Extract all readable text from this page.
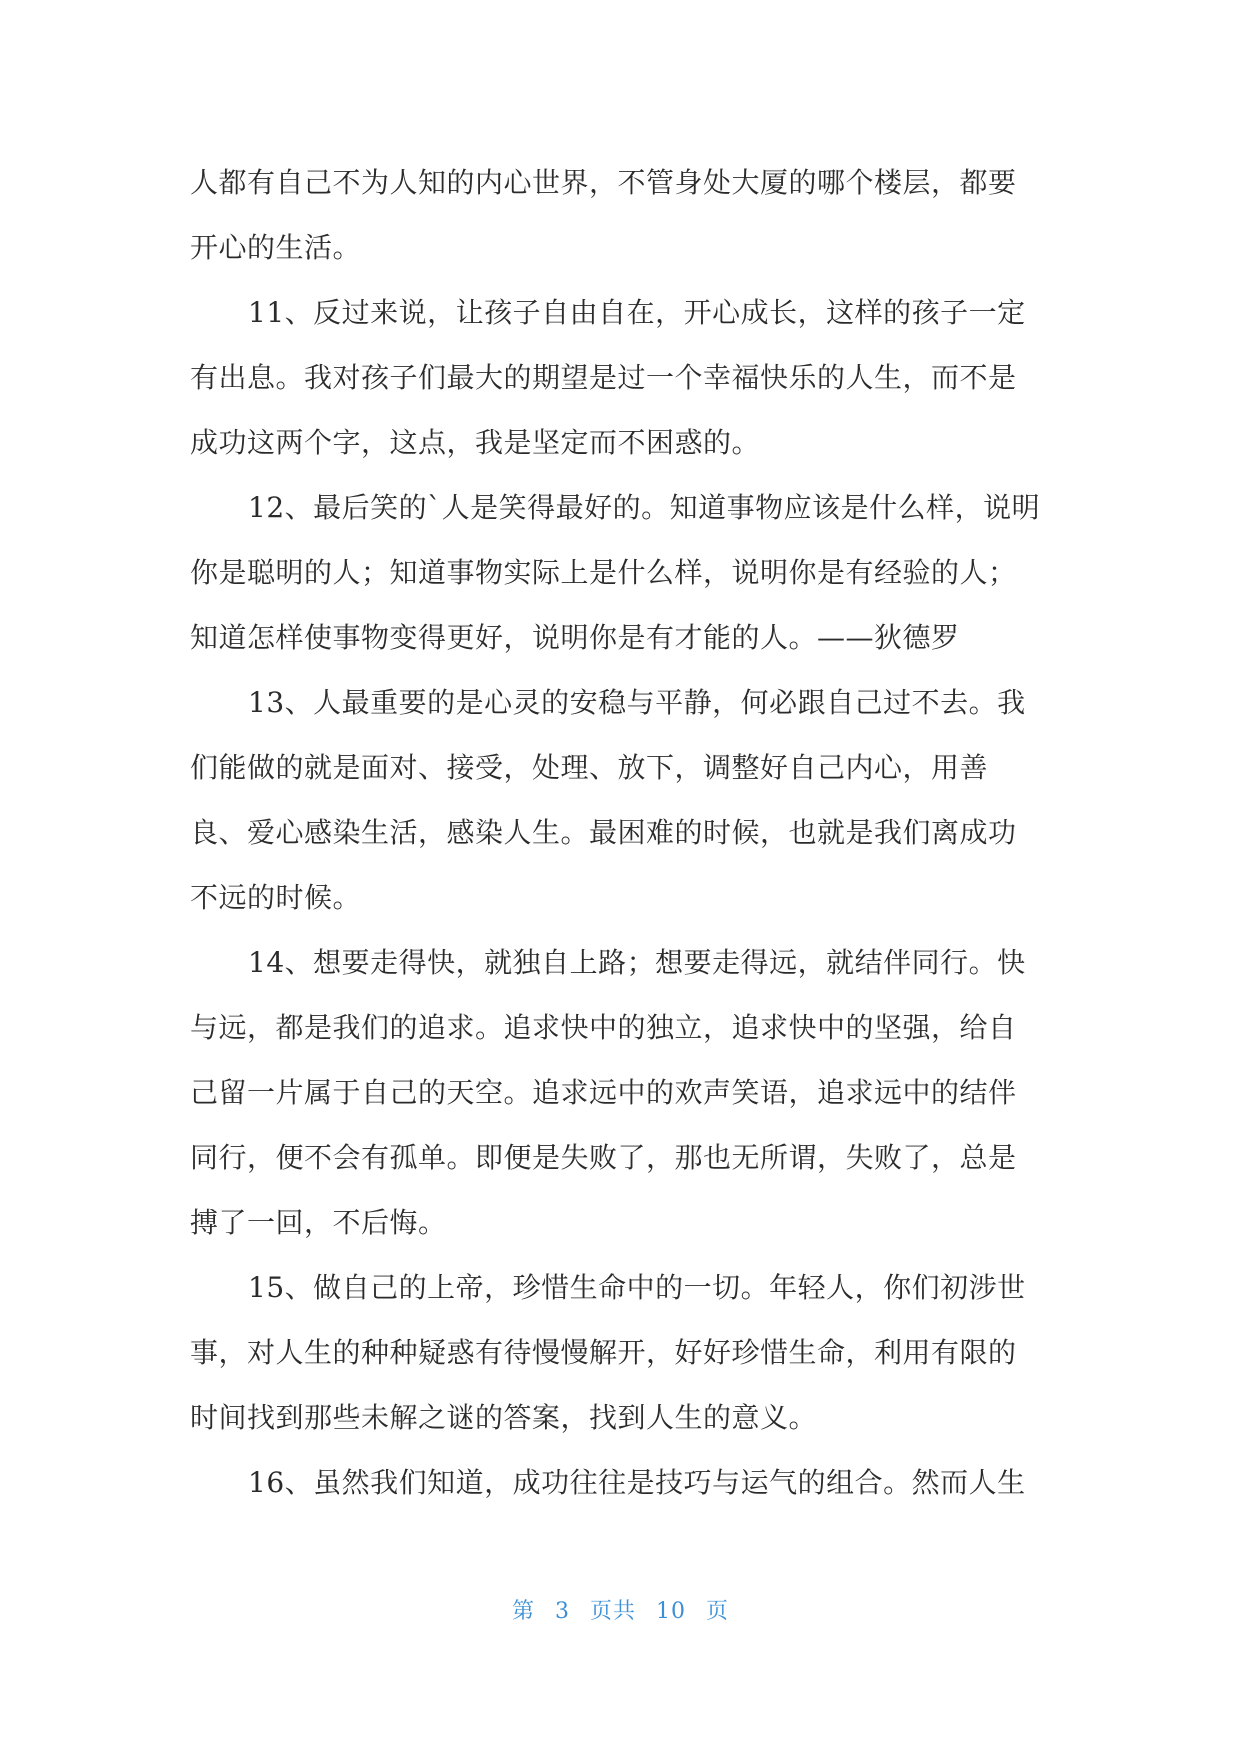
人都有自己不为人知的内心世界，不管身处大厦的哪个楼层，都要
开心的生活。
11、反过来说，让孩子自由自在，开心成长，这样的孩子一定
有出息。我对孩子们最大的期望是过一个幸福快乐的人生，而不是
成功这两个字，这点，我是坚定而不困惑的。
12、最后笑的`人是笑得最好的。知道事物应该是什么样，说明
你是聪明的人；知道事物实际上是什么样，说明你是有经验的人；
知道怎样使事物变得更好，说明你是有才能的人。——狄德罗
13、人最重要的是心灵的安稳与平静，何必跟自己过不去。我
们能做的就是面对、接受，处理、放下，调整好自己内心，用善
良、爱心感染生活，感染人生。最困难的时候，也就是我们离成功
不远的时候。
14、想要走得快，就独自上路；想要走得远，就结伴同行。快
与远，都是我们的追求。追求快中的独立，追求快中的坚强，给自
己留一片属于自己的天空。追求远中的欢声笑语，追求远中的结伴
同行，便不会有孤单。即便是失败了，那也无所谓，失败了，总是
搏了一回，不后悔。
15、做自己的上帝，珍惜生命中的一切。年轻人，你们初涉世
事，对人生的种种疑惑有待慢慢解开，好好珍惜生命，利用有限的
时间找到那些未解之谜的答案，找到人生的意义。
16、虽然我们知道，成功往往是技巧与运气的组合。然而人生
第 3 页共 10 页
